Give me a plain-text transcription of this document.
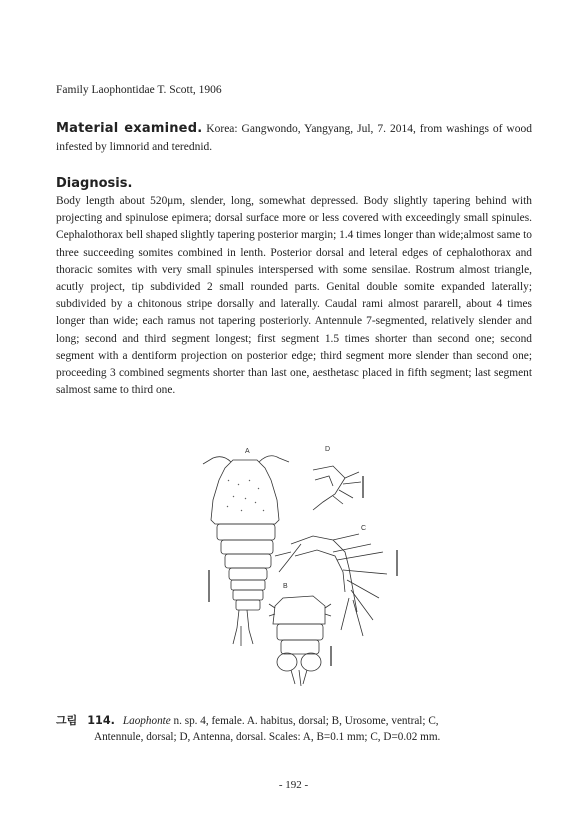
Family Laophontidae T. Scott, 1906
Material examined. Korea: Gangwondo, Yangyang, Jul, 7. 2014, from washings of wood infested by limnorid and terednid.
Diagnosis.
Body length about 520μm, slender, long, somewhat depressed. Body slightly tapering behind with projecting and spinulose epimera; dorsal surface more or less covered with exceedingly small spinules. Cephalothorax bell shaped slightly tapering posterior margin; 1.4 times longer than wide;almost same to three succeeding somites combined in lenth. Posterior dorsal and leteral edges of cephalothorax and thoracic somites with very small spinules interspersed with some sensilae. Rostrum almost triangle, acutly project, tip subdivided 2 small rounded parts. Genital double somite expanded laterally; subdivided by a chitonous stripe dorsally and laterally. Caudal rami almost pararell, about 4 times longer than wide; each ramus not tapering posteriorly. Antennule 7-segmented, relatively slender and long; second and third segment longest; first segment 1.5 times shorter than second one; second segment with a dentiform projection on posterior edge; third segment more slender than second one; proceeding 3 combined segments shorter than last one, aesthetasc placed in fifth segment; last segment salmost same to third one.
A	D
C
B
그림 114. Laophonte n. sp. 4, female. A. habitus, dorsal; B, Urosome, ventral; C,
Antennule, dorsal; D, Antenna, dorsal. Scales: A, B=0.1 mm; C, D=0.02 mm.
- 192 -
